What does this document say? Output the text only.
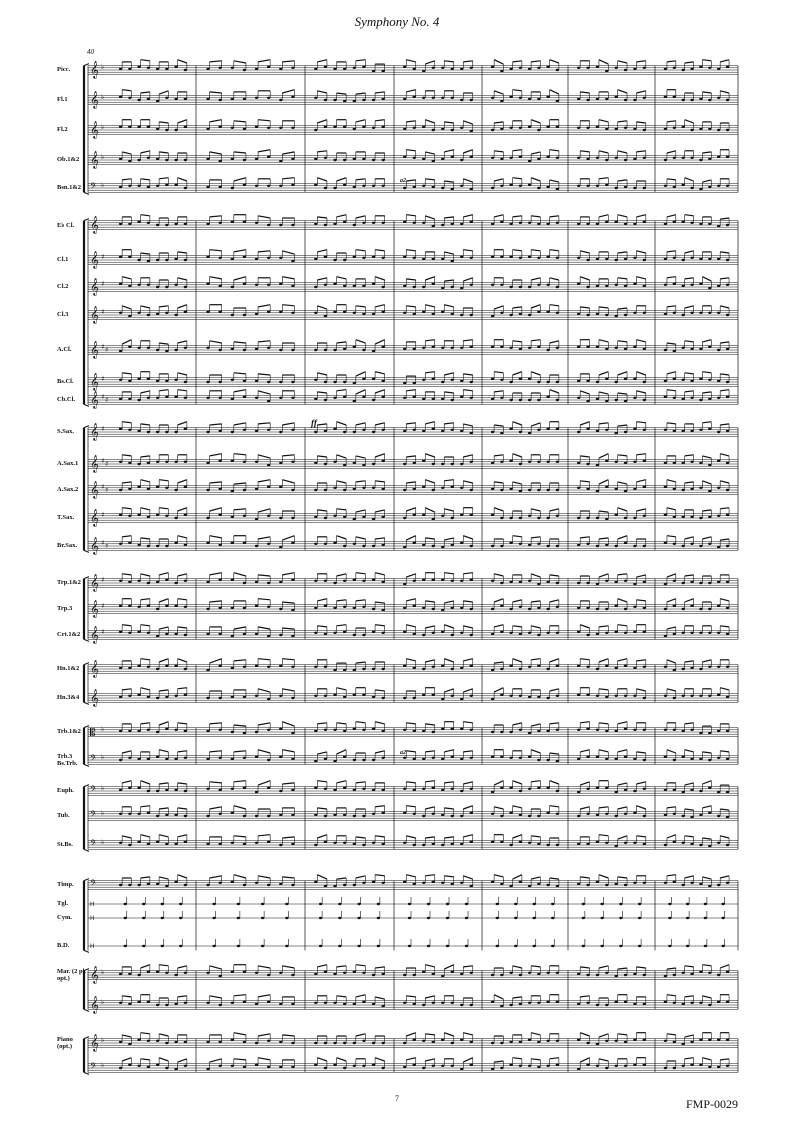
Symphony No. 4
40
𝄞 ♭
𝄞 ♭
𝄞 ♭
𝄞 ♭
𝄢 ♭
𝄞
𝄞 ♯
𝄞 ♯
𝄞 ♯
𝄞 ♯ ♯
𝄞 ♯
𝄞 ♯ ♯
𝄞 ♯
𝄞 ♯ ♯
𝄞 ♯ ♯
𝄞 ♯
𝄞 ♯ ♯
𝄞 ♯
𝄞 ♯
𝄞 ♯
𝄞
𝄞
𝄡 ♭
𝄢 ♭
𝄢 ♭
𝄢 ♭
𝄢 ♭
𝄢
H
H
H
𝄞 ♭
𝄞 ♭
𝄞 ♭
𝄢 ♭
ff
a2
a2
Picc.
Fl.1
Fl.2
Ob.1&2
Bsn.1&2
E♭ Cl.
Cl.1
Cl.2
Cl.3
A.Cl.
Bs.Cl.
Cb.Cl.
S.Sax.
A.Sax.1
A.Sax.2
T.Sax.
Br.Sax.
Trp.1&2
Trp.3
Crt.1&2
Hn.1&2
Hn.3&4
Trb.1&2
Trb.3 Bs.Trb.
Euph.
Tub.
St.Bs.
Timp.
Tgl.
Cym.
B.D.
Mar. (2 pl. opt.)
Piano (opt.)
7	FMP-0029
